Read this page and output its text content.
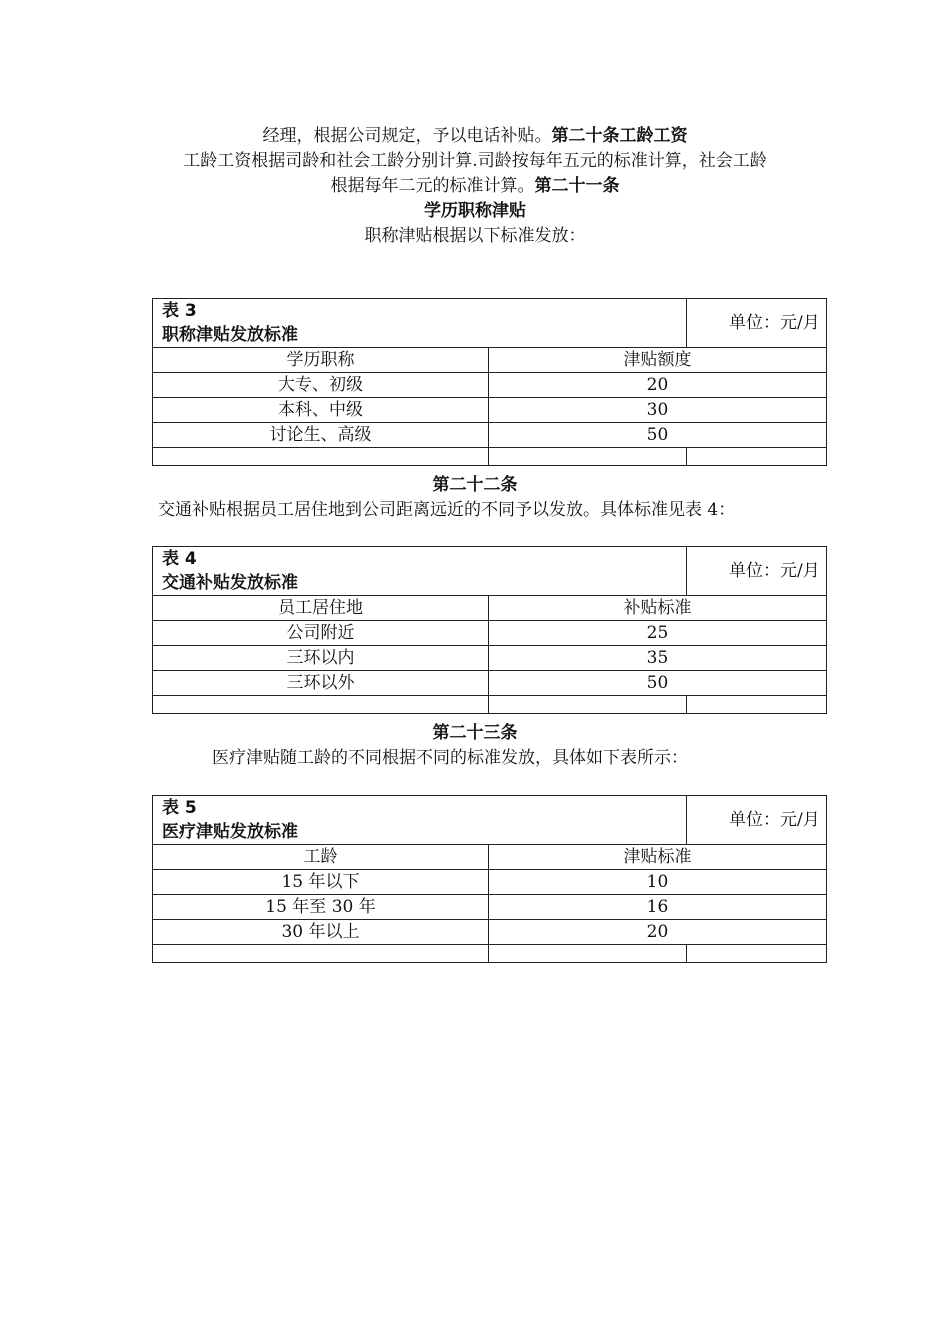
经理，根据公司规定，予以电话补贴。第二十条工龄工资
工龄工资根据司龄和社会工龄分别计算.司龄按每年五元的标准计算，社会工龄
根据每年二元的标准计算。第二十一条
学历职称津贴
职称津贴根据以下标准发放：
表 3
职称津贴发放标准		单位：元/月
学历职称	津贴额度	
大专、初级	20	
本科、中级	30	
讨论生、高级	50	

第二十二条
交通补贴根据员工居住地到公司距离远近的不同予以发放。具体标准见表 4：
表 4
交通补贴发放标准		单位：元/月
员工居住地	补贴标准	
公司附近	25	
三环以内	35	
三环以外	50	

第二十三条
医疗津贴随工龄的不同根据不同的标准发放，具体如下表所示：
表 5
医疗津贴发放标准		单位：元/月
工龄	津贴标准	
15 年以下	10	
15 年至 30 年	16	
30 年以上	20	
